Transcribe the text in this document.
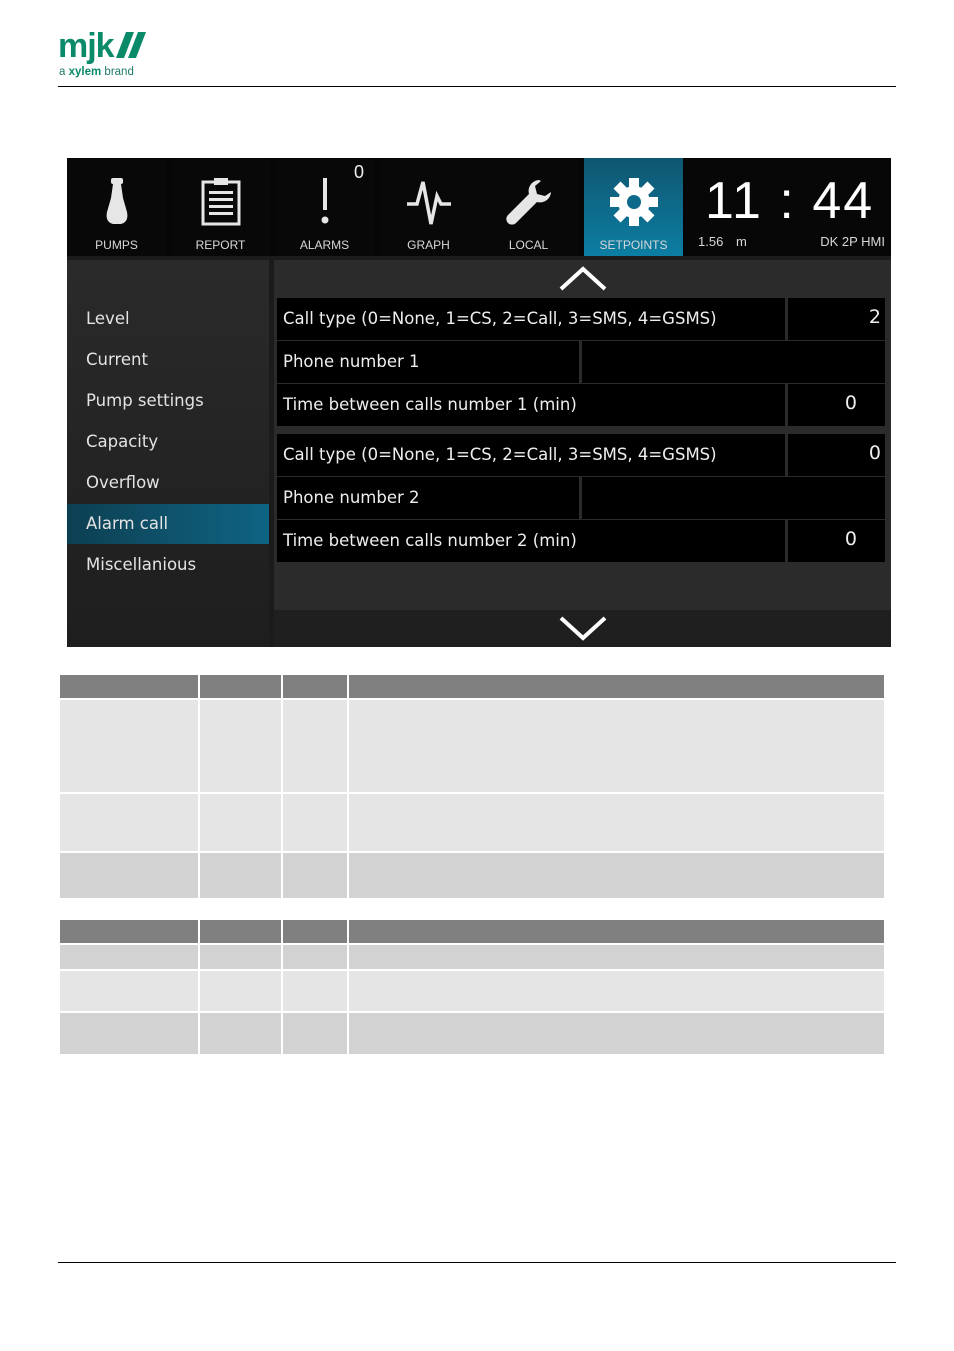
mjk
a xylem brand
PUMPS	REPORT
0
ALARMS	GRAPH	LOCAL	SETPOINTS
11 : 44
1.56 m	DK 2P HMI
Level
Current
Pump settings
Capacity
Overflow
Alarm call
Miscellanious
Call type (0=None, 1=CS, 2=Call, 3=SMS, 4=GSMS)	2
Phone number 1
Time between calls number 1 (min)	0
Call type (0=None, 1=CS, 2=Call, 3=SMS, 4=GSMS)	0
Phone number 2
Time between calls number 2 (min)	0
